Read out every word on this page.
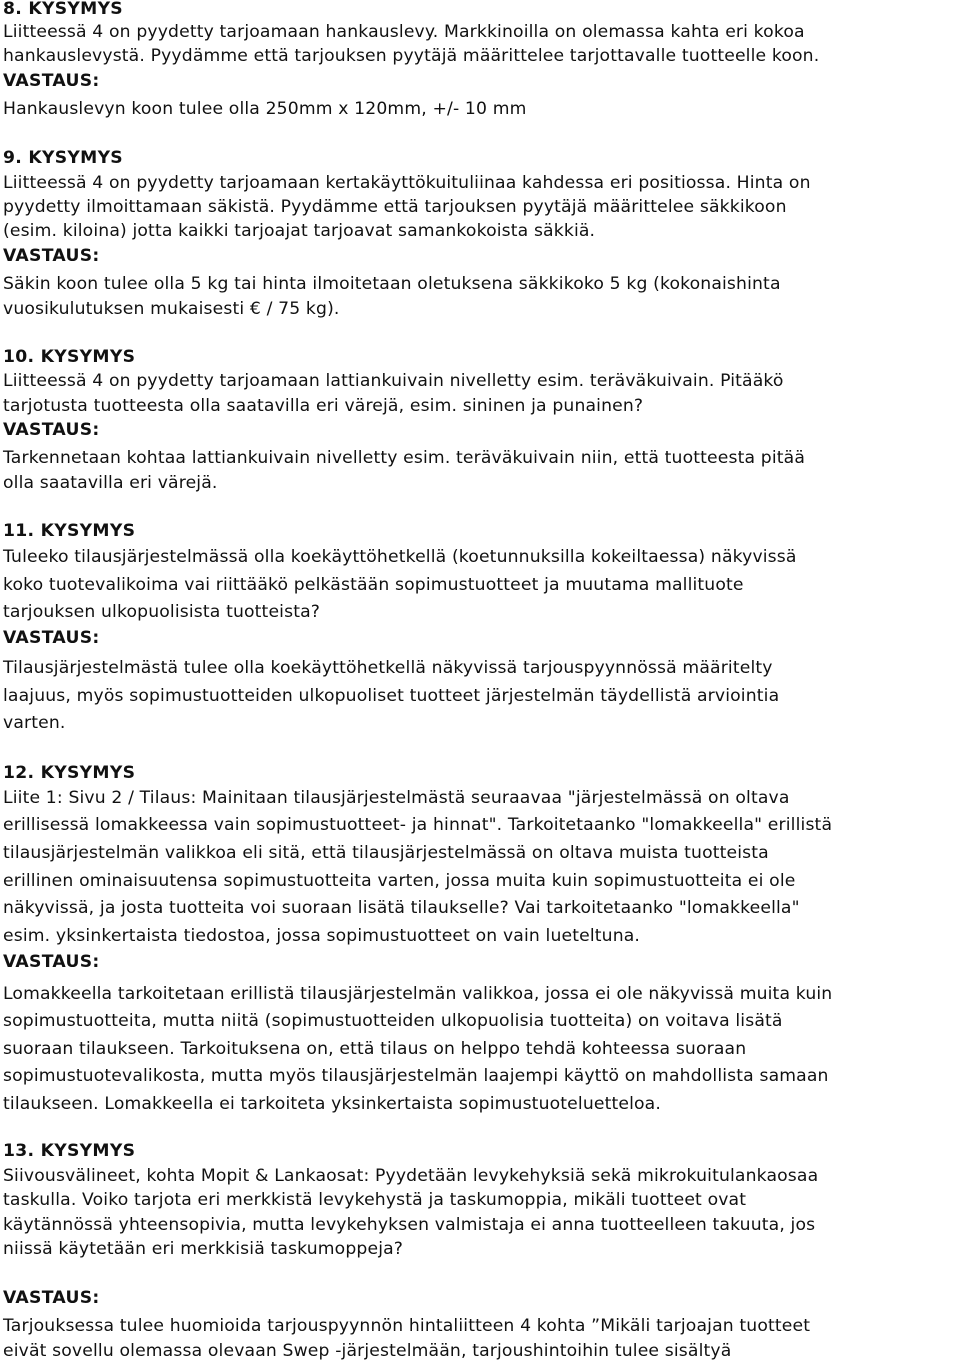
8. KYSYMYS
Liitteessä 4 on pyydetty tarjoamaan hankauslevy. Markkinoilla on olemassa kahta eri kokoa
hankauslevystä. Pyydämme että tarjouksen pyytäjä määrittelee tarjottavalle tuotteelle koon.
VASTAUS:
Hankauslevyn koon tulee olla 250mm x 120mm, +/- 10 mm
9. KYSYMYS
Liitteessä 4 on pyydetty tarjoamaan kertakäyttökuituliinaa kahdessa eri positiossa. Hinta on
pyydetty ilmoittamaan säkistä. Pyydämme että tarjouksen pyytäjä määrittelee säkkikoon
(esim. kiloina) jotta kaikki tarjoajat tarjoavat samankokoista säkkiä.
VASTAUS:
Säkin koon tulee olla 5 kg tai hinta ilmoitetaan oletuksena säkkikoko 5 kg (kokonaishinta
vuosikulutuksen mukaisesti € / 75 kg).
10. KYSYMYS
Liitteessä 4 on pyydetty tarjoamaan lattiankuivain nivelletty esim. teräväkuivain. Pitääkö
tarjotusta tuotteesta olla saatavilla eri värejä, esim. sininen ja punainen?
VASTAUS:
Tarkennetaan kohtaa lattiankuivain nivelletty esim. teräväkuivain niin, että tuotteesta pitää
olla saatavilla eri värejä.
11. KYSYMYS
Tuleeko tilausjärjestelmässä olla koekäyttöhetkellä (koetunnuksilla kokeiltaessa) näkyvissä
koko tuotevalikoima vai riittääkö pelkästään sopimustuotteet ja muutama mallituote
tarjouksen ulkopuolisista tuotteista?
VASTAUS:
Tilausjärjestelmästä tulee olla koekäyttöhetkellä näkyvissä tarjouspyynnössä määritelty
laajuus, myös sopimustuotteiden ulkopuoliset tuotteet järjestelmän täydellistä arviointia
varten.
12. KYSYMYS
Liite 1: Sivu 2 / Tilaus: Mainitaan tilausjärjestelmästä seuraavaa "järjestelmässä on oltava
erillisessä lomakkeessa vain sopimustuotteet- ja hinnat". Tarkoitetaanko "lomakkeella" erillistä
tilausjärjestelmän valikkoa eli sitä, että tilausjärjestelmässä on oltava muista tuotteista
erillinen ominaisuutensa sopimustuotteita varten, jossa muita kuin sopimustuotteita ei ole
näkyvissä, ja josta tuotteita voi suoraan lisätä tilaukselle? Vai tarkoitetaanko "lomakkeella"
esim. yksinkertaista tiedostoa, jossa sopimustuotteet on vain lueteltuna.
VASTAUS:
Lomakkeella tarkoitetaan erillistä tilausjärjestelmän valikkoa, jossa ei ole näkyvissä muita kuin
sopimustuotteita, mutta niitä (sopimustuotteiden ulkopuolisia tuotteita) on voitava lisätä
suoraan tilaukseen. Tarkoituksena on, että tilaus on helppo tehdä kohteessa suoraan
sopimustuotevalikosta, mutta myös tilausjärjestelmän laajempi käyttö on mahdollista samaan
tilaukseen. Lomakkeella ei tarkoiteta yksinkertaista sopimustuoteluetteloa.
13. KYSYMYS
Siivousvälineet, kohta Mopit & Lankaosat: Pyydetään levykehyksiä sekä mikrokuitulankaosaa
taskulla. Voiko tarjota eri merkkistä levykehystä ja taskumoppia, mikäli tuotteet ovat
käytännössä yhteensopivia, mutta levykehyksen valmistaja ei anna tuotteelleen takuuta, jos
niissä käytetään eri merkkisiä taskumoppeja?
VASTAUS:
Tarjouksessa tulee huomioida tarjouspyynnön hintaliitteen 4 kohta ”Mikäli tarjoajan tuotteet
eivät sovellu olemassa olevaan Swep -järjestelmään, tarjoushintoihin tulee sisältyä
